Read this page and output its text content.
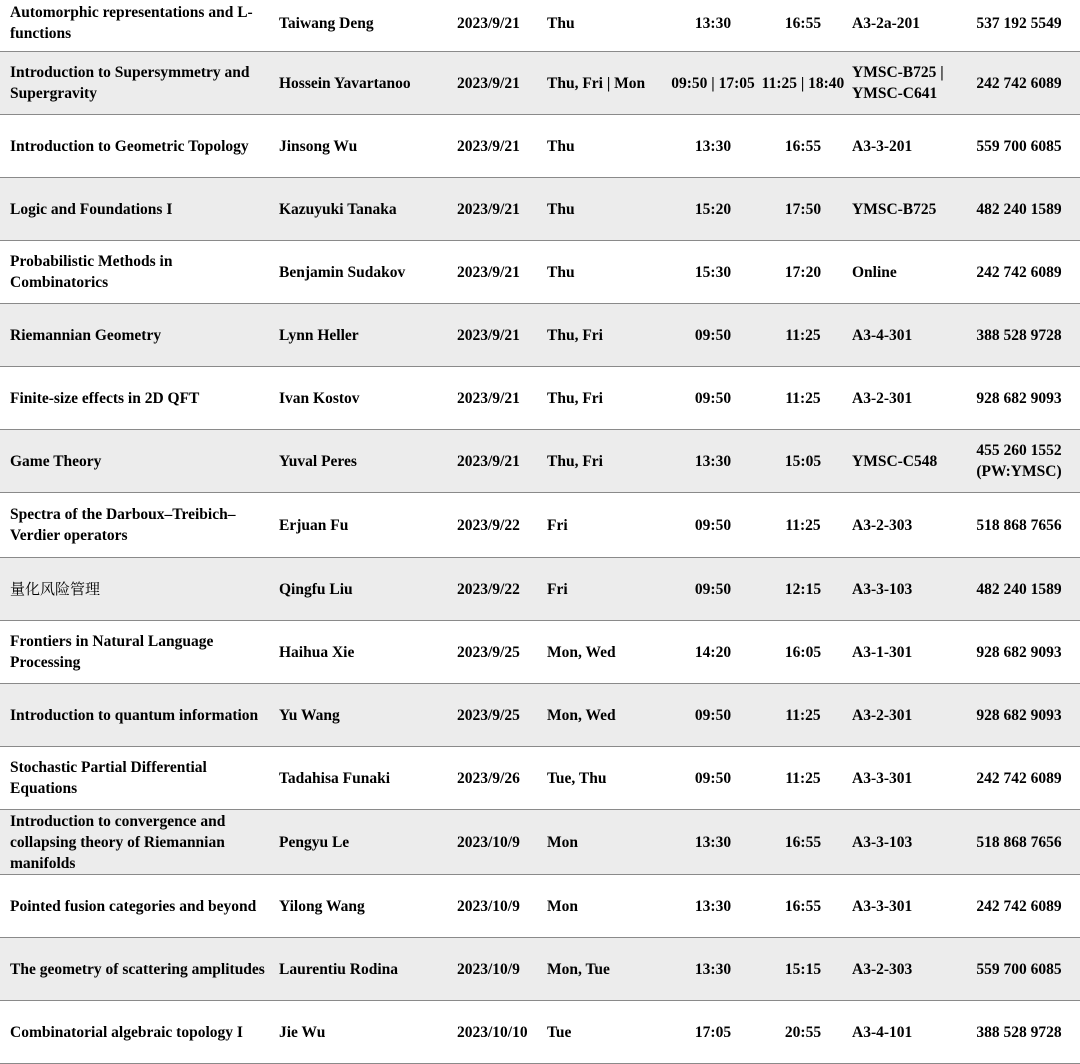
Automorphic representations and L-functions	Taiwang Deng	2023/9/21	Thu	13:30	16:55	A3-2a-201	537 192 5549
Introduction to Supersymmetry and Supergravity	Hossein Yavartanoo	2023/9/21	Thu, Fri | Mon	09:50 | 17:05	11:25 | 18:40	YMSC-B725 | YMSC-C641	242 742 6089
Introduction to Geometric Topology	Jinsong Wu	2023/9/21	Thu	13:30	16:55	A3-3-201	559 700 6085
Logic and Foundations I	Kazuyuki Tanaka	2023/9/21	Thu	15:20	17:50	YMSC-B725	482 240 1589
Probabilistic Methods in Combinatorics	Benjamin Sudakov	2023/9/21	Thu	15:30	17:20	Online	242 742 6089
Riemannian Geometry	Lynn Heller	2023/9/21	Thu, Fri	09:50	11:25	A3-4-301	388 528 9728
Finite-size effects in 2D QFT	Ivan Kostov	2023/9/21	Thu, Fri	09:50	11:25	A3-2-301	928 682 9093
Game Theory	Yuval Peres	2023/9/21	Thu, Fri	13:30	15:05	YMSC-C548	455 260 1552 (PW:YMSC)
Spectra of the Darboux–Treibich–Verdier operators	Erjuan Fu	2023/9/22	Fri	09:50	11:25	A3-2-303	518 868 7656
量化风险管理	Qingfu Liu	2023/9/22	Fri	09:50	12:15	A3-3-103	482 240 1589
Frontiers in Natural Language Processing	Haihua Xie	2023/9/25	Mon, Wed	14:20	16:05	A3-1-301	928 682 9093
Introduction to quantum information	Yu Wang	2023/9/25	Mon, Wed	09:50	11:25	A3-2-301	928 682 9093
Stochastic Partial Differential Equations	Tadahisa Funaki	2023/9/26	Tue, Thu	09:50	11:25	A3-3-301	242 742 6089
Introduction to convergence and collapsing theory of Riemannian manifolds	Pengyu Le	2023/10/9	Mon	13:30	16:55	A3-3-103	518 868 7656
Pointed fusion categories and beyond	Yilong Wang	2023/10/9	Mon	13:30	16:55	A3-3-301	242 742 6089
The geometry of scattering amplitudes	Laurentiu Rodina	2023/10/9	Mon, Tue	13:30	15:15	A3-2-303	559 700 6085
Combinatorial algebraic topology I	Jie Wu	2023/10/10	Tue	17:05	20:55	A3-4-101	388 528 9728
